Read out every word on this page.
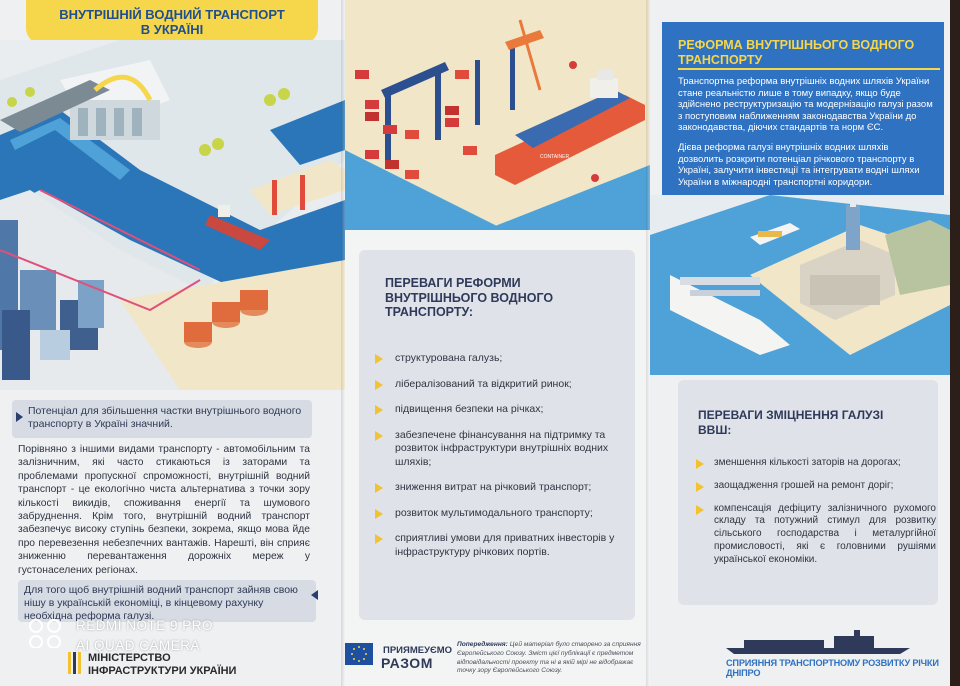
ВНУТРІШНІЙ ВОДНИЙ ТРАНСПОРТ
В УКРАЇНІ
Потенціал для збільшення частки внутрішнього водного транспорту в Україні значний.

Порівняно з іншими видами транспорту - автомобільним та залізничним, які часто стикаються із заторами та проблемами пропускної спроможності, внутрішній водний транспорт - це екологічно чиста альтернатива з точки зору кількості викидів, споживання енергії та шумового забруднення. Крім того, внутрішній водний транспорт забезпечує високу ступінь безпеки, зокрема, якщо мова йде про перевезення небезпечних вантажів. Нарешті, він сприяє зниженню перевантаження дорожніх мереж у густонаселених регіонах.

Для того щоб внутрішній водний транспорт зайняв свою нішу в українській економіці, в кінцевому рахунку необхідна реформа галузі.
МІНІСТЕРСТВО
ІНФРАСТРУКТУРИ УКРАЇНИ
CONTAINER
ПЕРЕВАГИ РЕФОРМИ ВНУТРІШНЬОГО ВОДНОГО ТРАНСПОРТУ:
структурована галузь;
лібералізований та відкритий ринок;
підвищення безпеки на річках;
забезпечене фінансування на підтримку та розвиток інфраструктури внутрішніх водних шляхів;
зниження витрат на річковий транспорт;
розвиток мультимодального транспорту;
сприятливі умови для приватних інвесторів у інфраструктуру річкових портів.
ПРИЯМЕУЄМО
РАЗОМ

Попередження: Цей матеріал було створено за сприяння Європейського Союзу. Зміст цієї публікації є предметом відповідальності проекту та ні в якій мірі не відображає точку зору Європейського Союзу.

РЕФОРМА ВНУТРІШНЬОГО ВОДНОГО ТРАНСПОРТУ

Транспортна реформа внутрішніх водних шляхів України стане реальністю лише в тому випадку, якщо буде здійснено реструктуризацію та модернізацію галузі разом з поступовим наближенням законодавства України до законодавства, діючих стандартів та норм ЄС.

Дієва реформа галузі внутрішніх водних шляхів дозволить розкрити потенціал річкового транспорту в Україні, залучити інвестиції та інтегрувати водні шляхи України в міжнародні транспортні коридори.

ПЕРЕВАГИ ЗМІЦНЕННЯ ГАЛУЗІ ВВШ:
зменшення кількості заторів на дорогах;
заощадження грошей на ремонт доріг;
компенсація дефіциту залізничного рухомого складу та потужний стимул для розвитку сільського господарства і металургійної промисловості, які є головними рушіями української економіки.
СПРИЯННЯ ТРАНСПОРТНОМУ РОЗВИТКУ РІЧКИ ДНІПРО
REDMI NOTE 9 PRO
AI QUAD CAMERA
